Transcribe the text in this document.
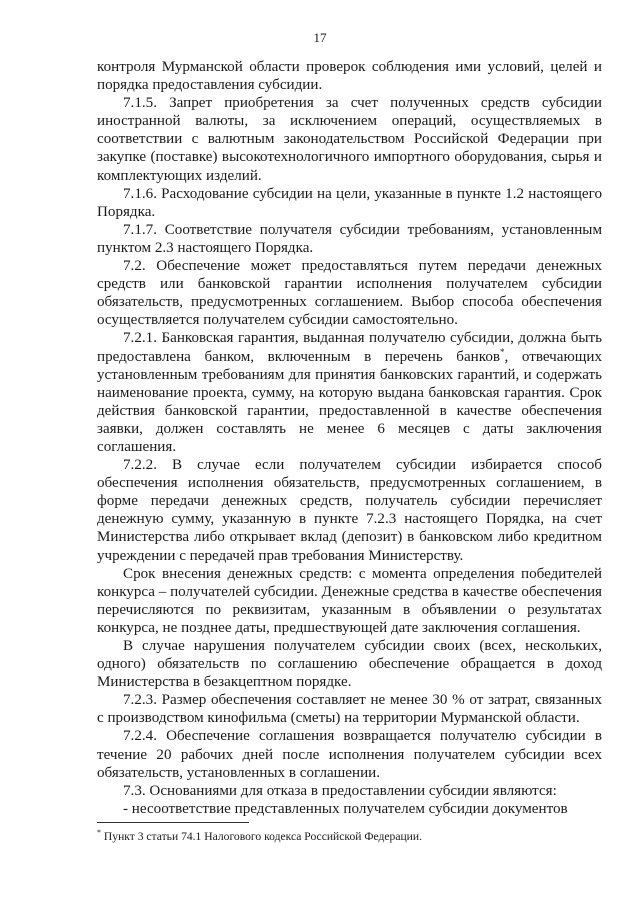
17

контроля Мурманской области проверок соблюдения ими условий, целей и порядка предоставления субсидии.

7.1.5. Запрет приобретения за счет полученных средств субсидии иностранной валюты, за исключением операций, осуществляемых в соответствии с валютным законодательством Российской Федерации при закупке (поставке) высокотехнологичного импортного оборудования, сырья и комплектующих изделий.

7.1.6. Расходование субсидии на цели, указанные в пункте 1.2 настоящего Порядка.

7.1.7. Соответствие получателя субсидии требованиям, установленным пунктом 2.3 настоящего Порядка.

7.2. Обеспечение может предоставляться путем передачи денежных средств или банковской гарантии исполнения получателем субсидии обязательств, предусмотренных соглашением. Выбор способа обеспечения осуществляется получателем субсидии самостоятельно.

7.2.1. Банковская гарантия, выданная получателю субсидии, должна быть предоставлена банком, включенным в перечень банков*, отвечающих установленным требованиям для принятия банковских гарантий, и содержать наименование проекта, сумму, на которую выдана банковская гарантия. Срок действия банковской гарантии, предоставленной в качестве обеспечения заявки, должен составлять не менее 6 месяцев с даты заключения соглашения.

7.2.2. В случае если получателем субсидии избирается способ обеспечения исполнения обязательств, предусмотренных соглашением, в форме передачи денежных средств, получатель субсидии перечисляет денежную сумму, указанную в пункте 7.2.3 настоящего Порядка, на счет Министерства либо открывает вклад (депозит) в банковском либо кредитном учреждении с передачей прав требования Министерству.

Срок внесения денежных средств: с момента определения победителей конкурса – получателей субсидии. Денежные средства в качестве обеспечения перечисляются по реквизитам, указанным в объявлении о результатах конкурса, не позднее даты, предшествующей дате заключения соглашения.

В случае нарушения получателем субсидии своих (всех, нескольких, одного) обязательств по соглашению обеспечение обращается в доход Министерства в безакцептном порядке.

7.2.3. Размер обеспечения составляет не менее 30 % от затрат, связанных с производством кинофильма (сметы) на территории Мурманской области.

7.2.4. Обеспечение соглашения возвращается получателю субсидии в течение 20 рабочих дней после исполнения получателем субсидии всех обязательств, установленных в соглашении.

7.3. Основаниями для отказа в предоставлении субсидии являются:

- несоответствие представленных получателем субсидии документов

* Пункт 3 статьи 74.1 Налогового кодекса Российской Федерации.
